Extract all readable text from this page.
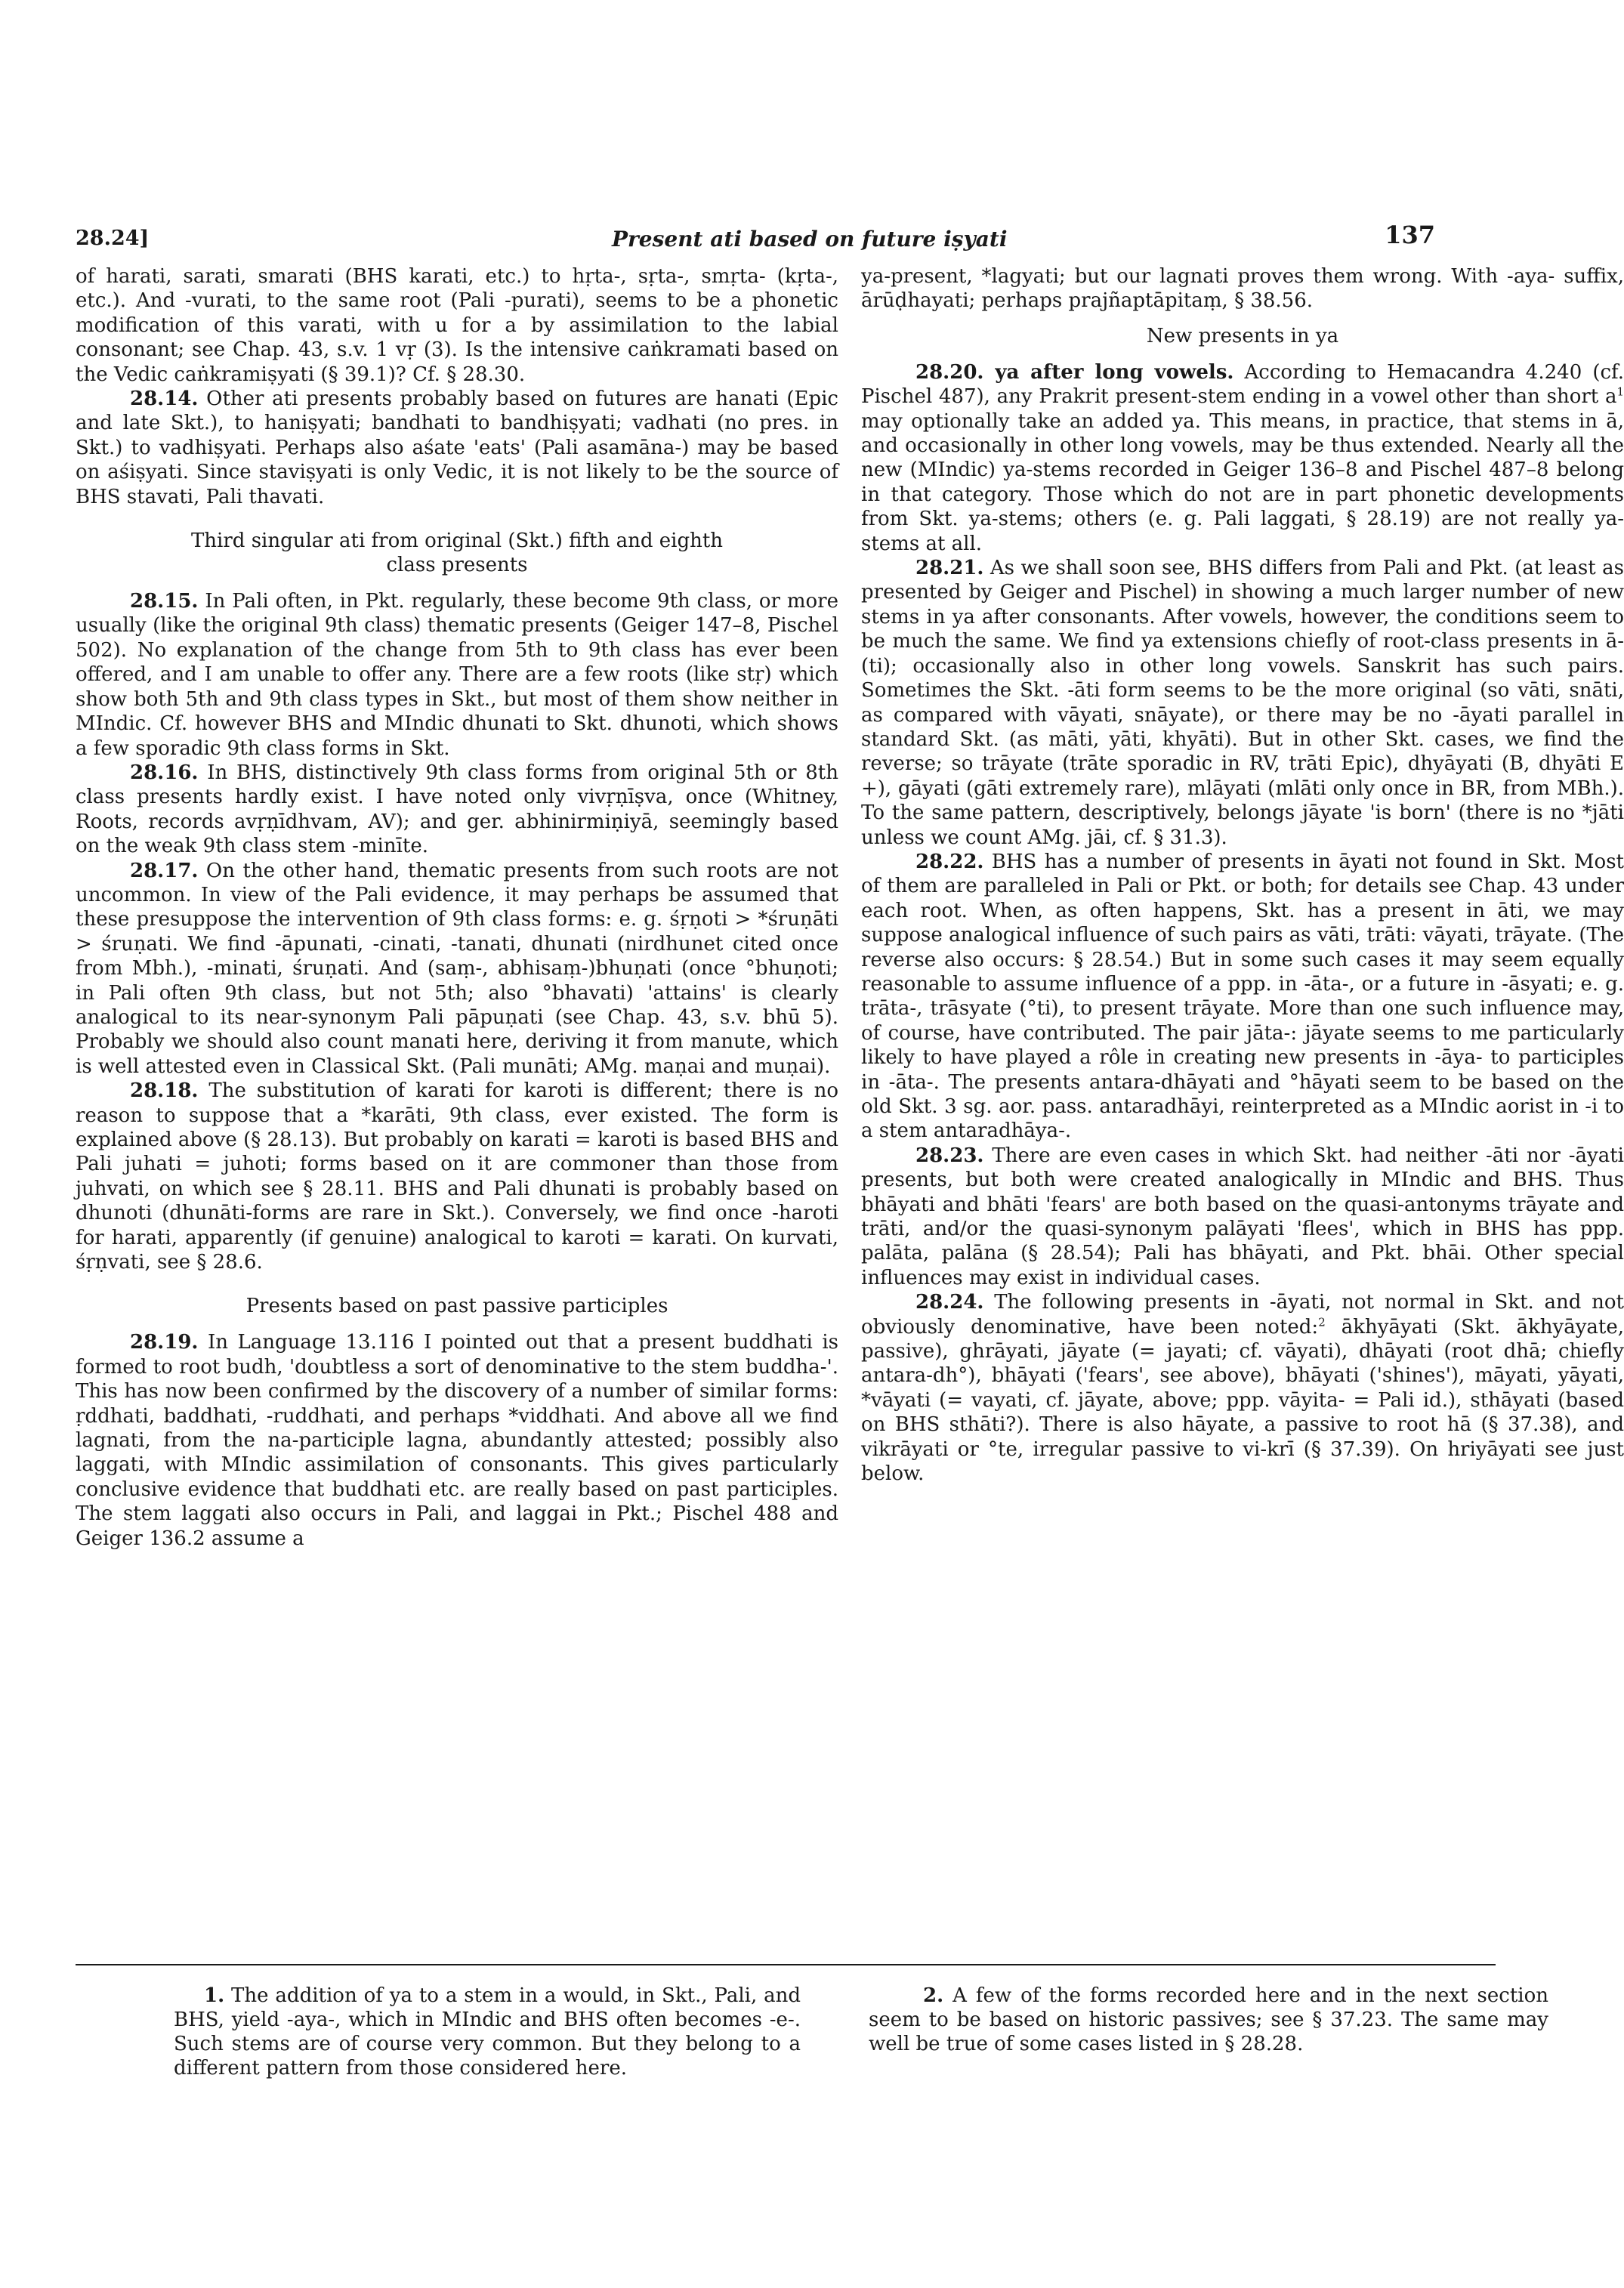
28.24]	Present ati based on future iṣyati	137

of harati, sarati, smarati (BHS karati, etc.) to hṛta-, sṛta-, smṛta- (kṛta-, etc.). And -vurati, to the same root (Pali -purati), seems to be a phonetic modification of this varati, with u for a by assimilation to the labial consonant; see Chap. 43, s.v. 1 vṛ (3). Is the intensive caṅkramati based on the Vedic caṅkramiṣyati (§ 39.1)? Cf. § 28.30.

28.14. Other ati presents probably based on futures are hanati (Epic and late Skt.), to haniṣyati; bandhati to bandhiṣyati; vadhati (no pres. in Skt.) to vadhiṣyati. Perhaps also aśate 'eats' (Pali asamāna-) may be based on aśiṣyati. Since staviṣyati is only Vedic, it is not likely to be the source of BHS stavati, Pali thavati.

Third singular ati from original (Skt.) fifth and eighth
class presents

28.15. In Pali often, in Pkt. regularly, these become 9th class, or more usually (like the original 9th class) thematic presents (Geiger 147–8, Pischel 502). No explanation of the change from 5th to 9th class has ever been offered, and I am unable to offer any. There are a few roots (like stṛ) which show both 5th and 9th class types in Skt., but most of them show neither in MIndic. Cf. however BHS and MIndic dhunati to Skt. dhunoti, which shows a few sporadic 9th class forms in Skt.

28.16. In BHS, distinctively 9th class forms from original 5th or 8th class presents hardly exist. I have noted only vivṛṇīṣva, once (Whitney, Roots, records avṛṇīdhvam, AV); and ger. abhinirmiṇiyā, seemingly based on the weak 9th class stem -minīte.

28.17. On the other hand, thematic presents from such roots are not uncommon. In view of the Pali evidence, it may perhaps be assumed that these presuppose the intervention of 9th class forms: e. g. śṛṇoti > *śruṇāti > śruṇati. We find -āpunati, -cinati, -tanati, dhunati (nirdhunet cited once from Mbh.), -minati, śruṇati. And (saṃ-, abhisaṃ-)bhuṇati (once °bhuṇoti; in Pali often 9th class, but not 5th; also °bhavati) 'attains' is clearly analogical to its near-synonym Pali pāpuṇati (see Chap. 43, s.v. bhū 5). Probably we should also count manati here, deriving it from manute, which is well attested even in Classical Skt. (Pali munāti; AMg. maṇai and muṇai).

28.18. The substitution of karati for karoti is different; there is no reason to suppose that a *karāti, 9th class, ever existed. The form is explained above (§ 28.13). But probably on karati = karoti is based BHS and Pali juhati = juhoti; forms based on it are commoner than those from juhvati, on which see § 28.11. BHS and Pali dhunati is probably based on dhunoti (dhunāti-forms are rare in Skt.). Conversely, we find once -haroti for harati, apparently (if genuine) analogical to karoti = karati. On kurvati, śṛṇvati, see § 28.6.

Presents based on past passive participles

28.19. In Language 13.116 I pointed out that a present buddhati is formed to root budh, 'doubtless a sort of denominative to the stem buddha-'. This has now been confirmed by the discovery of a number of similar forms: ṛddhati, baddhati, -ruddhati, and perhaps *viddhati. And above all we find lagnati, from the na-participle lagna, abundantly attested; possibly also laggati, with MIndic assimilation of consonants. This gives particularly conclusive evidence that buddhati etc. are really based on past participles. The stem laggati also occurs in Pali, and laggai in Pkt.; Pischel 488 and Geiger 136.2 assume a

ya-present, *lagyati; but our lagnati proves them wrong. With -aya- suffix, ārūḍhayati; perhaps prajñaptāpitaṃ, § 38.56.

New presents in ya

28.20. ya after long vowels. According to Hemacandra 4.240 (cf. Pischel 487), any Prakrit present-stem ending in a vowel other than short $a^1$ may optionally take an added ya. This means, in practice, that stems in ā, and occasionally in other long vowels, may be thus extended. Nearly all the new (MIndic) ya-stems recorded in Geiger 136–8 and Pischel 487–8 belong in that category. Those which do not are in part phonetic developments from Skt. ya-stems; others (e. g. Pali laggati, § 28.19) are not really ya-stems at all.

28.21. As we shall soon see, BHS differs from Pali and Pkt. (at least as presented by Geiger and Pischel) in showing a much larger number of new stems in ya after consonants. After vowels, however, the conditions seem to be much the same. We find ya extensions chiefly of root-class presents in ā-(ti); occasionally also in other long vowels. Sanskrit has such pairs. Sometimes the Skt. -āti form seems to be the more original (so vāti, snāti, as compared with vāyati, snāyate), or there may be no -āyati parallel in standard Skt. (as māti, yāti, khyāti). But in other Skt. cases, we find the reverse; so trāyate (trāte sporadic in RV, trāti Epic), dhyāyati (B, dhyāti E +), gāyati (gāti extremely rare), mlāyati (mlāti only once in BR, from MBh.). To the same pattern, descriptively, belongs jāyate 'is born' (there is no *jāti unless we count AMg. jāi, cf. § 31.3).

28.22. BHS has a number of presents in āyati not found in Skt. Most of them are paralleled in Pali or Pkt. or both; for details see Chap. 43 under each root. When, as often happens, Skt. has a present in āti, we may suppose analogical influence of such pairs as vāti, trāti: vāyati, trāyate. (The reverse also occurs: § 28.54.) But in some such cases it may seem equally reasonable to assume influence of a ppp. in -āta-, or a future in -āsyati; e. g. trāta-, trāsyate (°ti), to present trāyate. More than one such influence may, of course, have contributed. The pair jāta-: jāyate seems to me particularly likely to have played a rôle in creating new presents in -āya- to participles in -āta-. The presents antara-dhāyati and °hāyati seem to be based on the old Skt. 3 sg. aor. pass. antaradhāyi, reinterpreted as a MIndic aorist in -i to a stem antaradhāya-.

28.23. There are even cases in which Skt. had neither -āti nor -āyati presents, but both were created analogically in MIndic and BHS. Thus bhāyati and bhāti 'fears' are both based on the quasi-antonyms trāyate and trāti, and/or the quasi-synonym palāyati 'flees', which in BHS has ppp. palāta, palāna (§ 28.54); Pali has bhāyati, and Pkt. bhāi. Other special influences may exist in individual cases.

28.24. The following presents in -āyati, not normal in Skt. and not obviously denominative, have been noted:$^2$ ākhyāyati (Skt. ākhyāyate, passive), ghrāyati, jāyate (= jayati; cf. vāyati), dhāyati (root dhā; chiefly antara-dh°), bhāyati ('fears', see above), bhāyati ('shines'), māyati, yāyati, *vāyati (= vayati, cf. jāyate, above; ppp. vāyita- = Pali id.), sthāyati (based on BHS sthāti?). There is also hāyate, a passive to root hā (§ 37.38), and vikrāyati or °te, irregular passive to vi-krī (§ 37.39). On hriyāyati see just below.

1. The addition of ya to a stem in a would, in Skt., Pali, and BHS, yield -aya-, which in MIndic and BHS often becomes -e-. Such stems are of course very common. But they belong to a different pattern from those considered here.
2. A few of the forms recorded here and in the next section seem to be based on historic passives; see § 37.23. The same may well be true of some cases listed in § 28.28.
